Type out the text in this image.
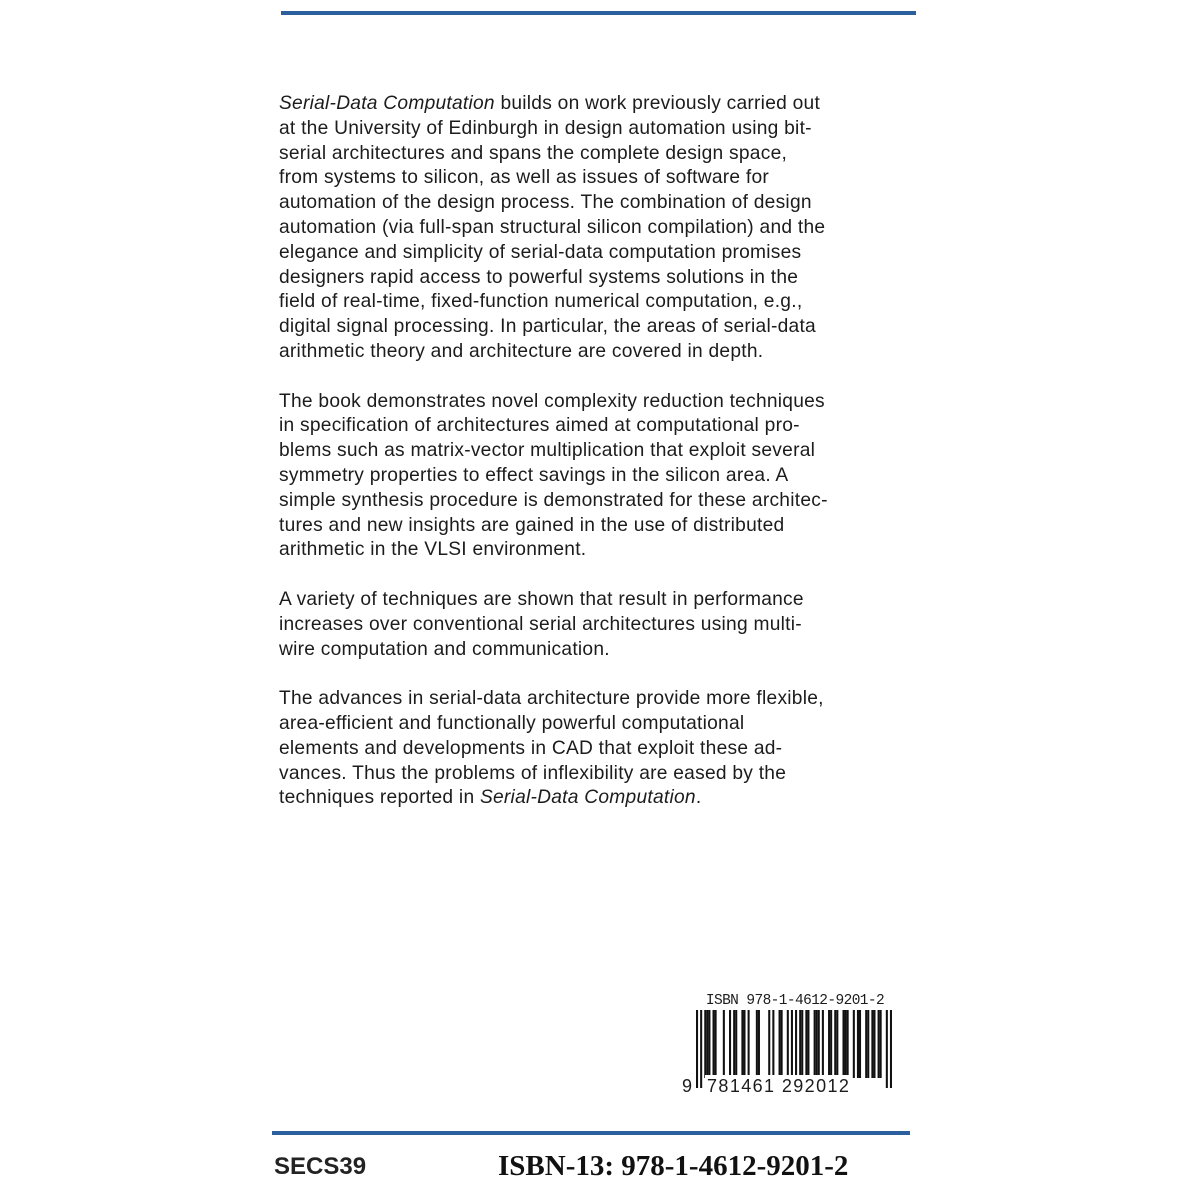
Serial-Data Computation builds on work previously carried out
at the University of Edinburgh in design automation using bit-
serial architectures and spans the complete design space,
from systems to silicon, as well as issues of software for
automation of the design process. The combination of design
automation (via full-span structural silicon compilation) and the
elegance and simplicity of serial-data computation promises
designers rapid access to powerful systems solutions in the
field of real-time, fixed-function numerical computation, e.g.,
digital signal processing. In particular, the areas of serial-data
arithmetic theory and architecture are covered in depth.
The book demonstrates novel complexity reduction techniques
in specification of architectures aimed at computational pro-
blems such as matrix-vector multiplication that exploit several
symmetry properties to effect savings in the silicon area. A
simple synthesis procedure is demonstrated for these architec-
tures and new insights are gained in the use of distributed
arithmetic in the VLSI environment.
A variety of techniques are shown that result in performance
increases over conventional serial architectures using multi-
wire computation and communication.
The advances in serial-data architecture provide more flexible,
area-efficient and functionally powerful computational
elements and developments in CAD that exploit these ad-
vances. Thus the problems of inflexibility are eased by the
techniques reported in Serial-Data Computation.
ISBN 978-1-4612-9201-2
9 781461 292012
SECS39	ISBN-13: 978-1-4612-9201-2
